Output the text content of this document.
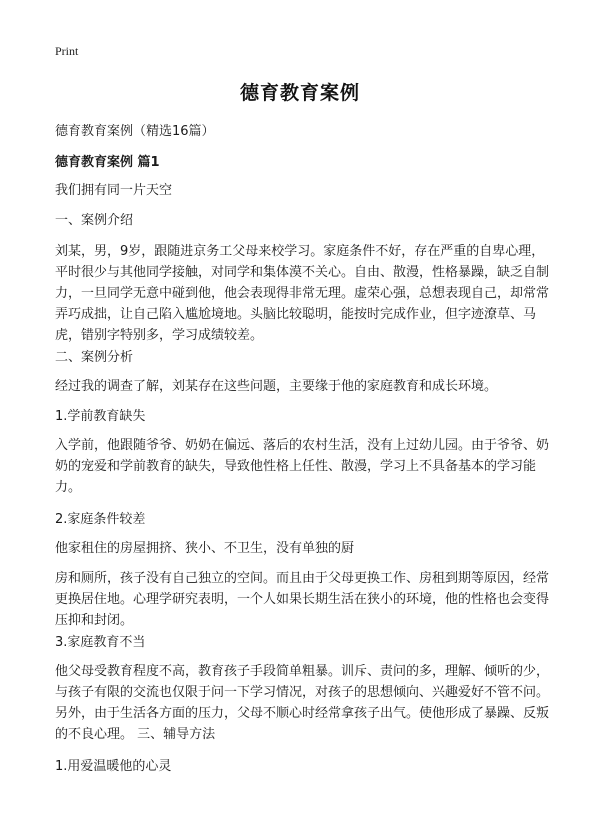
Print
德育教育案例
德育教育案例（精选16篇）
德育教育案例 篇1
我们拥有同一片天空
一、案例介绍
刘某，男，9岁，跟随进京务工父母来校学习。家庭条件不好，存在严重的自卑心理，平时很少与其他同学接触，对同学和集体漠不关心。自由、散漫，性格暴躁，缺乏自制力，一旦同学无意中碰到他，他会表现得非常无理。虚荣心强，总想表现自己，却常常弄巧成拙，让自己陷入尴尬境地。头脑比较聪明，能按时完成作业，但字迹潦草、马虎，错别字特别多，学习成绩较差。
二、案例分析
经过我的调查了解，刘某存在这些问题，主要缘于他的家庭教育和成长环境。
1.学前教育缺失
入学前，他跟随爷爷、奶奶在偏远、落后的农村生活，没有上过幼儿园。由于爷爷、奶奶的宠爱和学前教育的缺失，导致他性格上任性、散漫，学习上不具备基本的学习能力。
2.家庭条件较差
他家租住的房屋拥挤、狭小、不卫生，没有单独的厨
房和厕所，孩子没有自己独立的空间。而且由于父母更换工作、房租到期等原因，经常更换居住地。心理学研究表明，一个人如果长期生活在狭小的环境，他的性格也会变得压抑和封闭。
3.家庭教育不当
他父母受教育程度不高，教育孩子手段简单粗暴。训斥、责问的多，理解、倾听的少，与孩子有限的交流也仅限于问一下学习情况，对孩子的思想倾向、兴趣爱好不管不问。另外，由于生活各方面的压力，父母不顺心时经常拿孩子出气。使他形成了暴躁、反叛的不良心理。 三、辅导方法
1.用爱温暖他的心灵
